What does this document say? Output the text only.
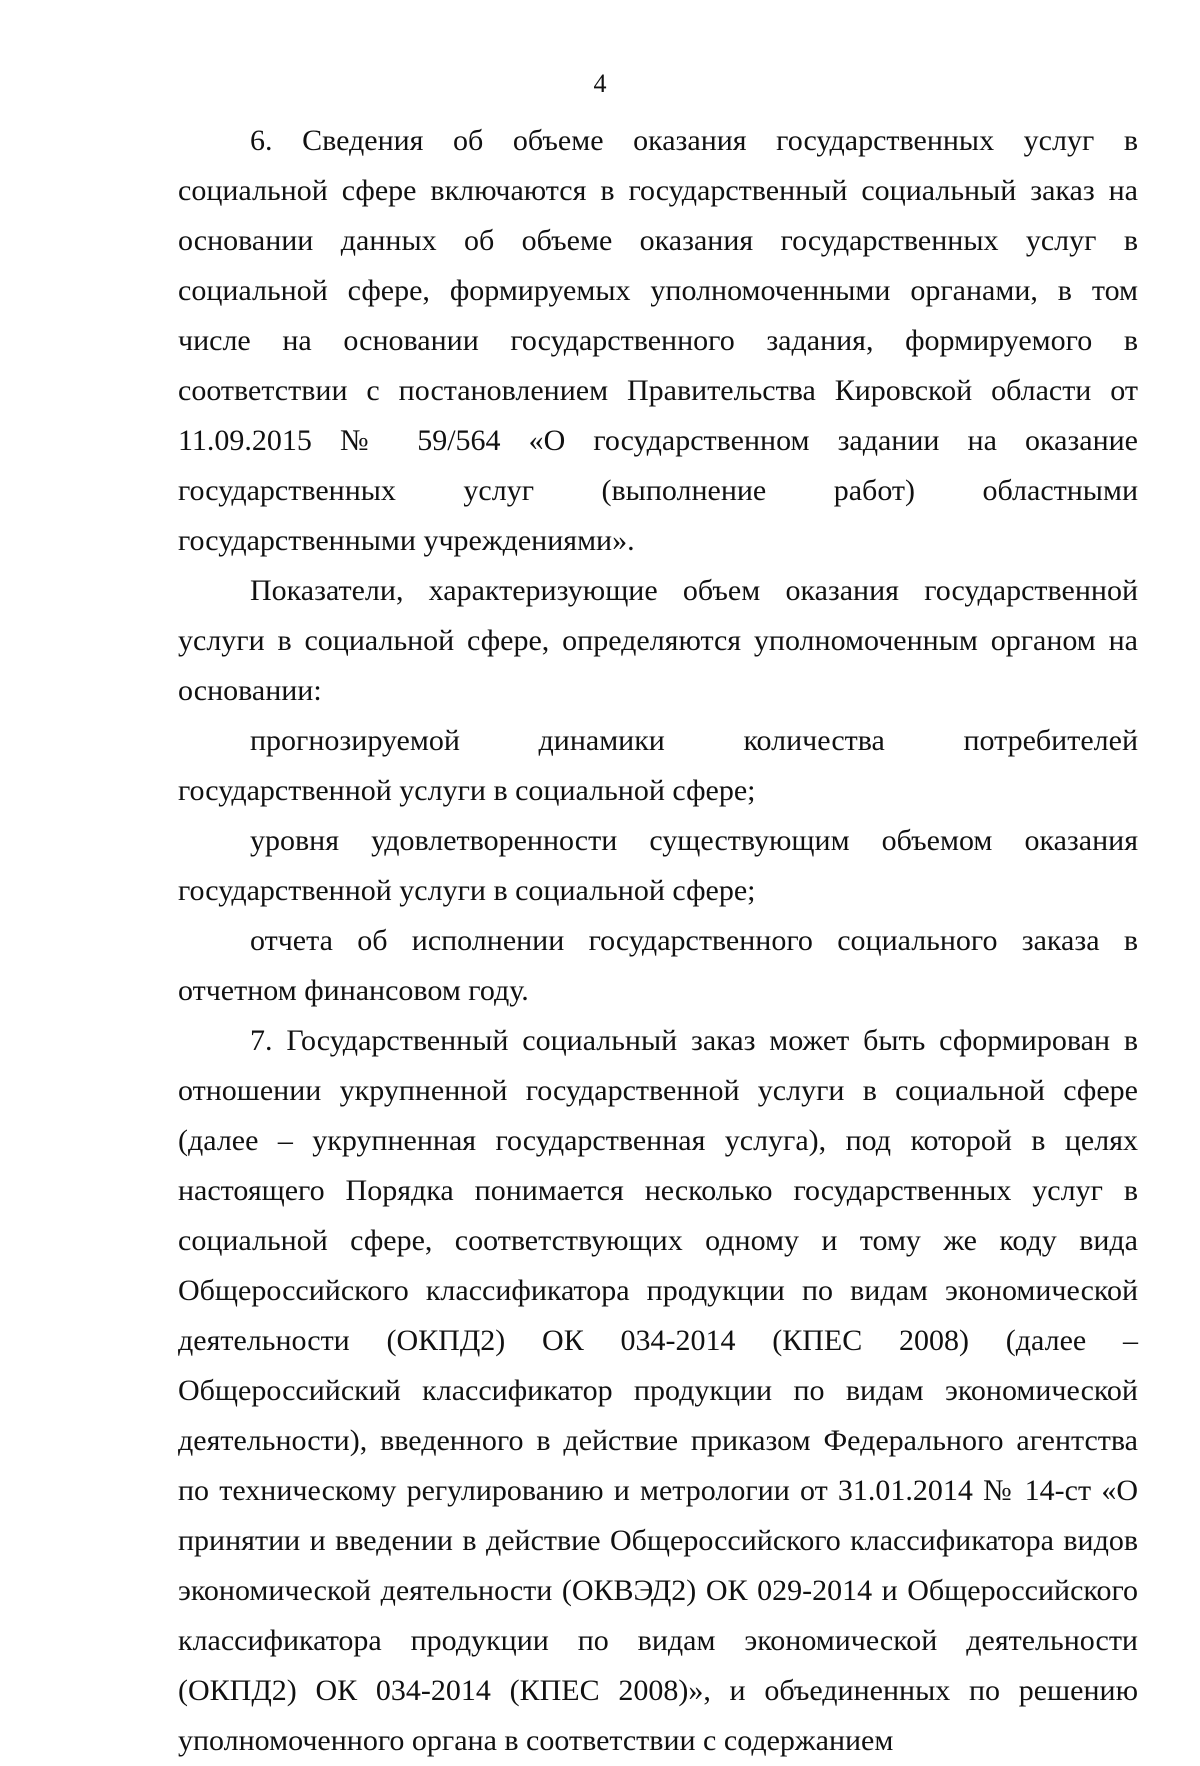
4

6. Сведения об объеме оказания государственных услуг в социальной сфере включаются в государственный социальный заказ на основании данных об объеме оказания государственных услуг в социальной сфере, формируемых уполномоченными органами, в том числе на основании государственного задания, формируемого в соответствии с постановлением Правительства Кировской области от 11.09.2015 № 59/564 «О государственном задании на оказание государственных услуг (выполнение работ) областными государственными учреждениями».

Показатели, характеризующие объем оказания государственной услуги в социальной сфере, определяются уполномоченным органом на основании:

прогнозируемой динамики количества потребителей государственной услуги в социальной сфере;

уровня удовлетворенности существующим объемом оказания государственной услуги в социальной сфере;

отчета об исполнении государственного социального заказа в отчетном финансовом году.

7. Государственный социальный заказ может быть сформирован в отношении укрупненной государственной услуги в социальной сфере (далее – укрупненная государственная услуга), под которой в целях настоящего Порядка понимается несколько государственных услуг в социальной сфере, соответствующих одному и тому же коду вида Общероссийского классификатора продукции по видам экономической деятельности (ОКПД2) ОК 034-2014 (КПЕС 2008) (далее – Общероссийский классификатор продукции по видам экономической деятельности), введенного в действие приказом Федерального агентства по техническому регулированию и метрологии от 31.01.2014 № 14-ст «О принятии и введении в действие Общероссийского классификатора видов экономической деятельности (ОКВЭД2) ОК 029-2014 и Общероссийского классификатора продукции по видам экономической деятельности (ОКПД2) ОК 034-2014 (КПЕС 2008)», и объединенных по решению уполномоченного органа в соответствии с содержанием
